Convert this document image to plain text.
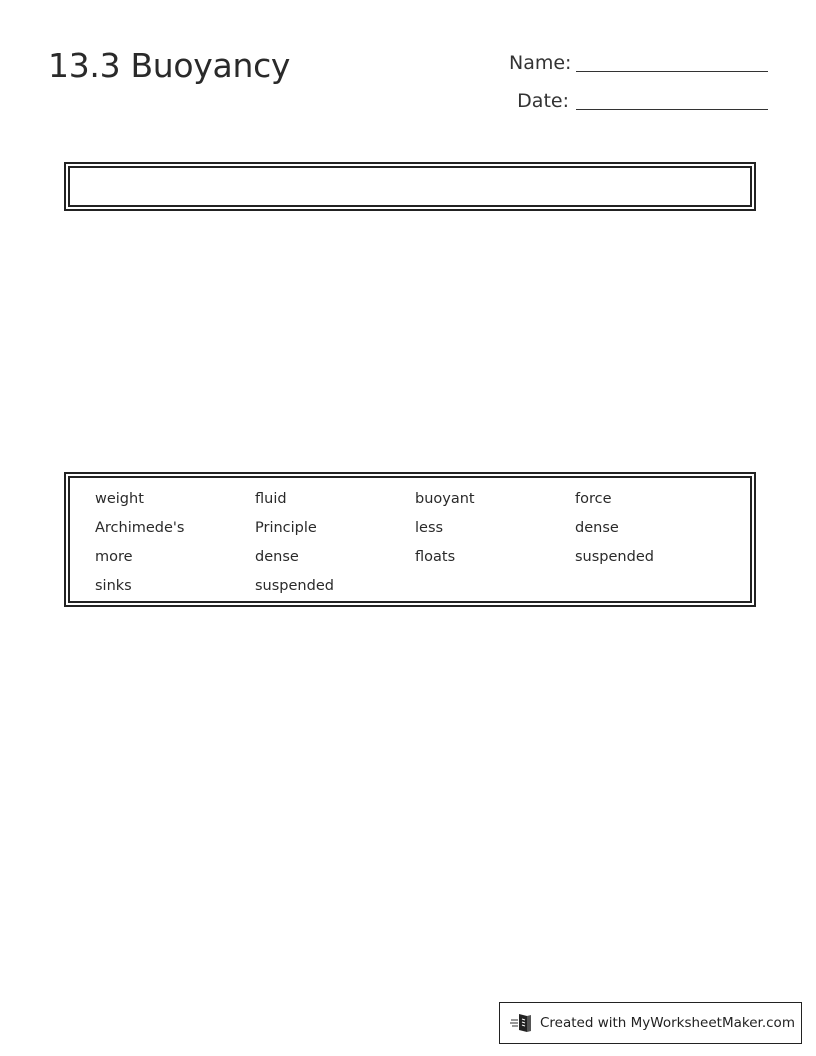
13.3 Buoyancy	Name:
Date:
weight	fluid	buoyant	force
Archimede's	Principle	less	dense
more	dense	floats	suspended
sinks	suspended
Created with MyWorksheetMaker.com
